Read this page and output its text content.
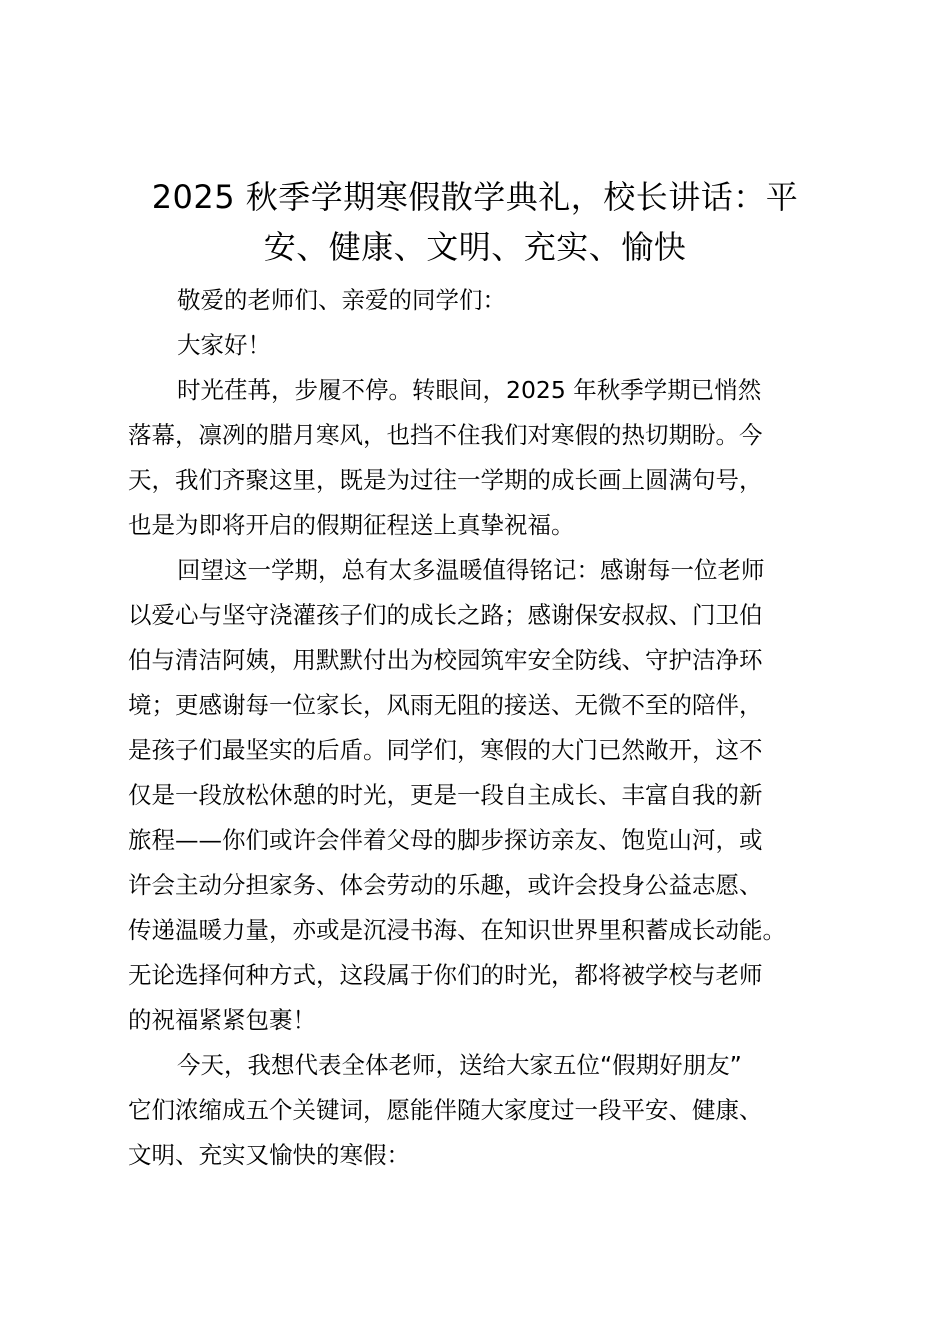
2025 秋季学期寒假散学典礼，校长讲话：平
安、健康、文明、充实、愉快
敬爱的老师们、亲爱的同学们：
大家好！
时光荏苒，步履不停。转眼间，2025 年秋季学期已悄然
落幕，凛冽的腊月寒风，也挡不住我们对寒假的热切期盼。今
天，我们齐聚这里，既是为过往一学期的成长画上圆满句号，
也是为即将开启的假期征程送上真挚祝福。
回望这一学期，总有太多温暖值得铭记：感谢每一位老师
以爱心与坚守浇灌孩子们的成长之路；感谢保安叔叔、门卫伯
伯与清洁阿姨，用默默付出为校园筑牢安全防线、守护洁净环
境；更感谢每一位家长，风雨无阻的接送、无微不至的陪伴，
是孩子们最坚实的后盾。同学们，寒假的大门已然敞开，这不
仅是一段放松休憩的时光，更是一段自主成长、丰富自我的新
旅程——你们或许会伴着父母的脚步探访亲友、饱览山河，或
许会主动分担家务、体会劳动的乐趣，或许会投身公益志愿、
传递温暖力量，亦或是沉浸书海、在知识世界里积蓄成长动能。
无论选择何种方式，这段属于你们的时光，都将被学校与老师
的祝福紧紧包裹！
今天，我想代表全体老师，送给大家五位“假期好朋友”
它们浓缩成五个关键词，愿能伴随大家度过一段平安、健康、
文明、充实又愉快的寒假：
